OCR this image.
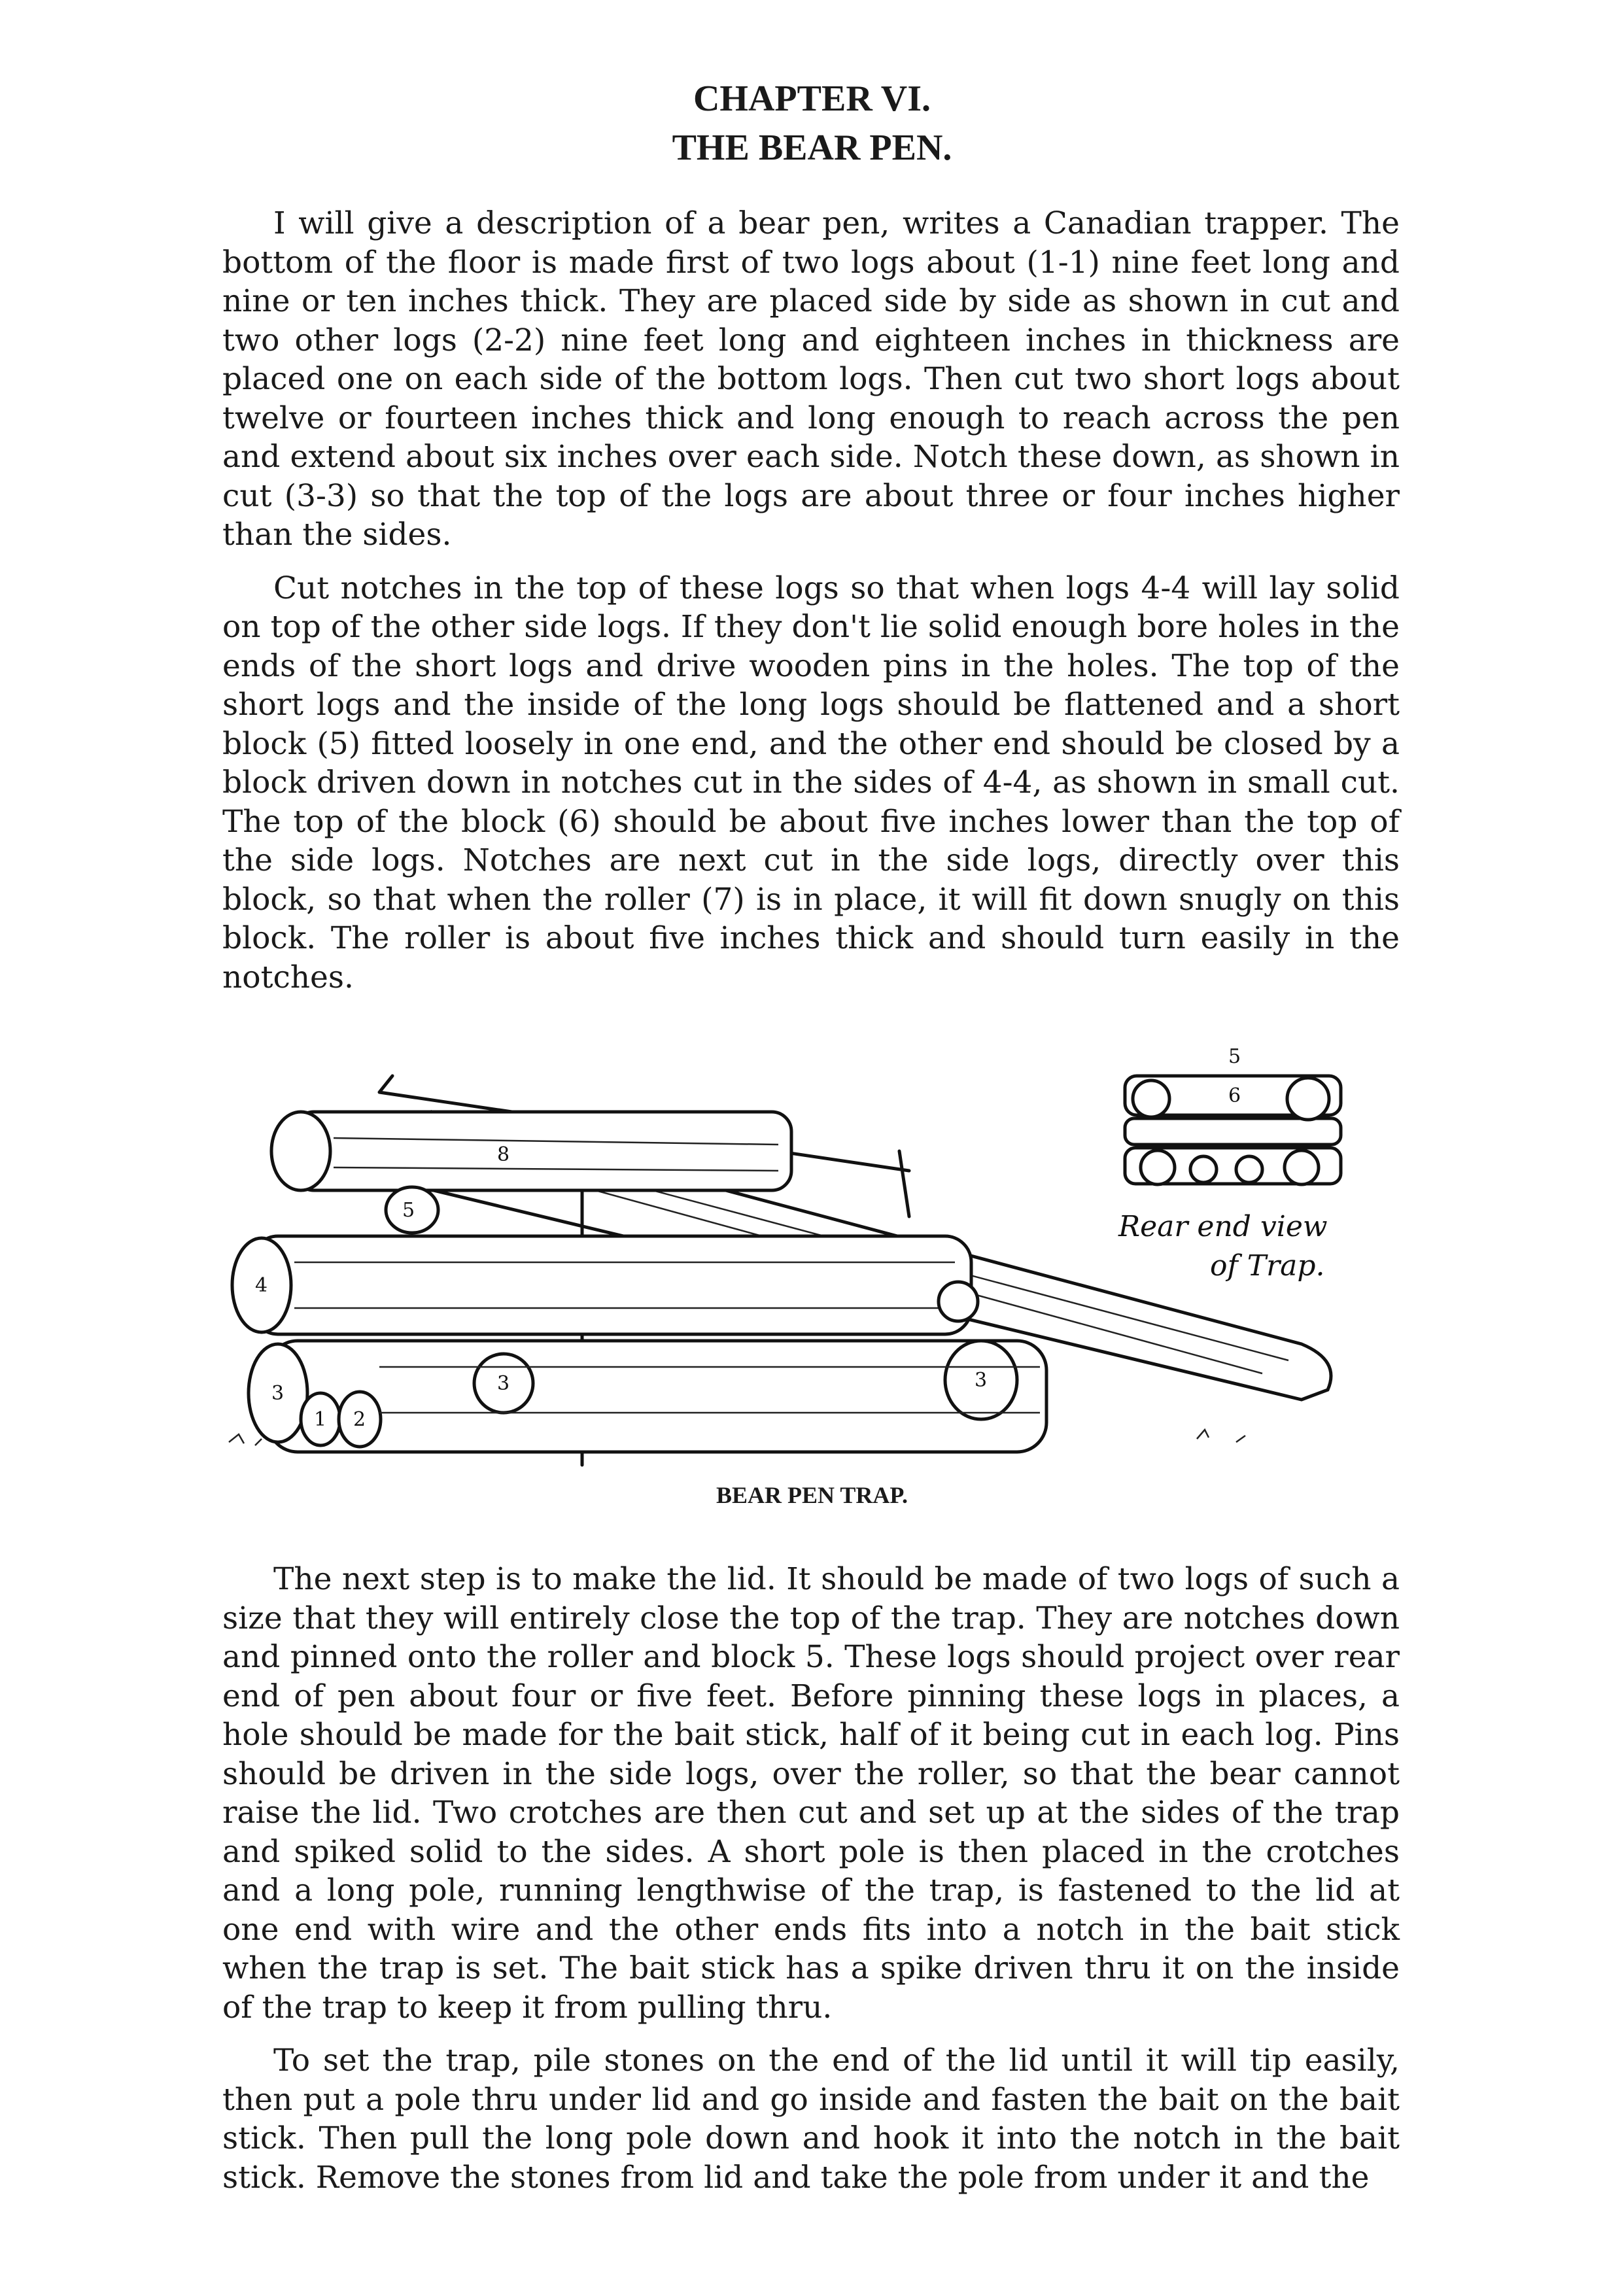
CHAPTER VI.
THE BEAR PEN.

I will give a description of a bear pen, writes a Canadian trapper. The bottom of the floor is made first of two logs about (1-1) nine feet long and nine or ten inches thick. They are placed side by side as shown in cut and two other logs (2-2) nine feet long and eighteen inches in thickness are placed one on each side of the bottom logs. Then cut two short logs about twelve or fourteen inches thick and long enough to reach across the pen and extend about six inches over each side. Notch these down, as shown in cut (3-3) so that the top of the logs are about three or four inches higher than the sides.

Cut notches in the top of these logs so that when logs 4-4 will lay solid on top of the other side logs. If they don't lie solid enough bore holes in the ends of the short logs and drive wooden pins in the holes. The top of the short logs and the inside of the long logs should be flattened and a short block (5) fitted loosely in one end, and the other end should be closed by a block driven down in notches cut in the sides of 4-4, as shown in small cut. The top of the block (6) should be about five inches lower than the top of the side logs. Notches are next cut in the side logs, directly over this block, so that when the roller (7) is in place, it will fit down snugly on this block. The roller is about five inches thick and should turn easily in the notches.

8
5
4
3
1 2
3	3
6
5
Rear end view
of Trap.
BEAR PEN TRAP.

The next step is to make the lid. It should be made of two logs of such a size that they will entirely close the top of the trap. They are notches down and pinned onto the roller and block 5. These logs should project over rear end of pen about four or five feet. Before pinning these logs in places, a hole should be made for the bait stick, half of it being cut in each log. Pins should be driven in the side logs, over the roller, so that the bear cannot raise the lid. Two crotches are then cut and set up at the sides of the trap and spiked solid to the sides. A short pole is then placed in the crotches and a long pole, running lengthwise of the trap, is fastened to the lid at one end with wire and the other ends fits into a notch in the bait stick when the trap is set. The bait stick has a spike driven thru it on the inside of the trap to keep it from pulling thru.

To set the trap, pile stones on the end of the lid until it will tip easily, then put a pole thru under lid and go inside and fasten the bait on the bait stick. Then pull the long pole down and hook it into the notch in the bait stick. Remove the stones from lid and take the pole from under it and the
